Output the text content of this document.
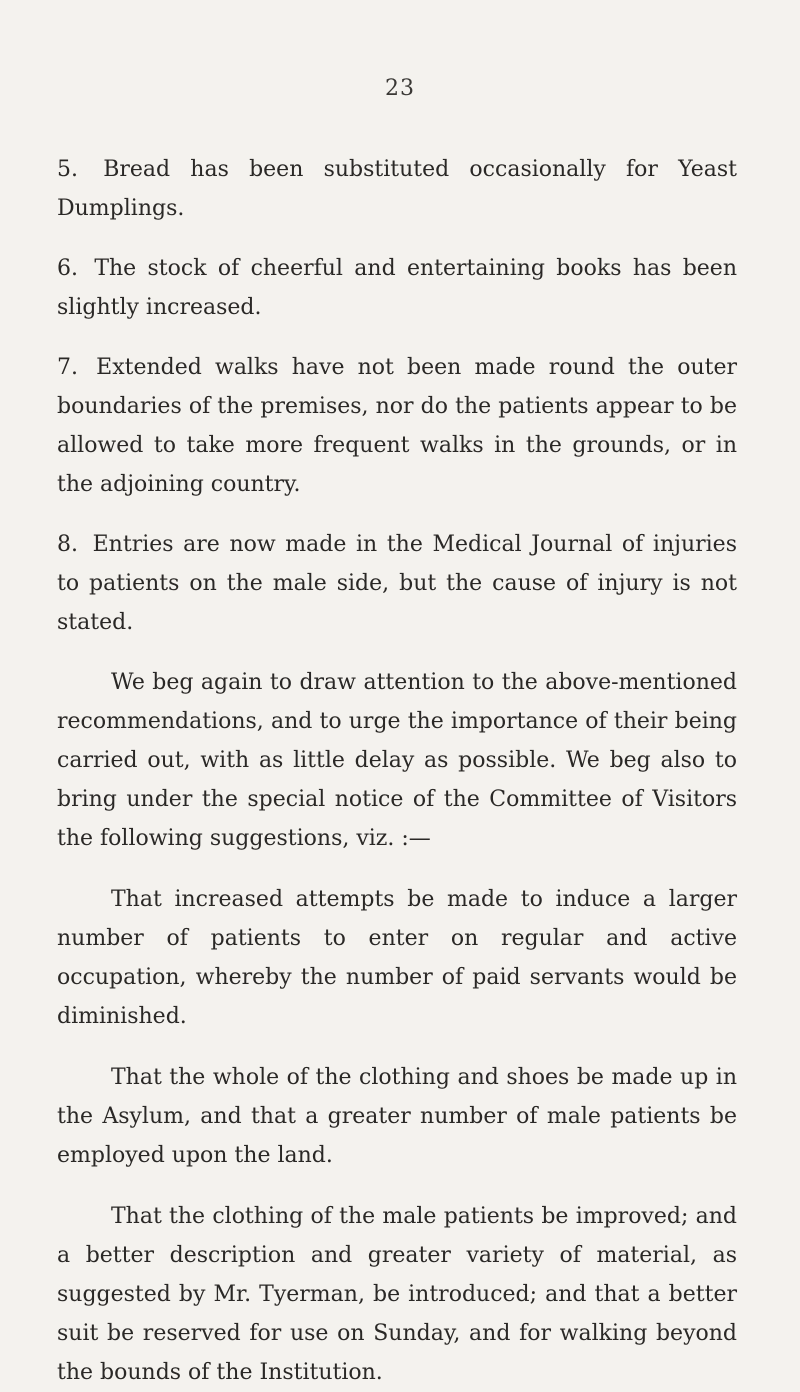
23

5. Bread has been substituted occasionally for Yeast Dumplings.

6. The stock of cheerful and entertaining books has been slightly increased.

7. Extended walks have not been made round the outer boundaries of the premises, nor do the patients appear to be allowed to take more frequent walks in the grounds, or in the adjoining country.

8. Entries are now made in the Medical Journal of injuries to patients on the male side, but the cause of injury is not stated.

We beg again to draw attention to the above-mentioned recommendations, and to urge the importance of their being carried out, with as little delay as possible. We beg also to bring under the special notice of the Committee of Visitors the following suggestions, viz. :—

That increased attempts be made to induce a larger number of patients to enter on regular and active occupation, whereby the number of paid servants would be diminished.

That the whole of the clothing and shoes be made up in the Asylum, and that a greater number of male patients be employed upon the land.

That the clothing of the male patients be improved; and a better description and greater variety of material, as suggested by Mr. Tyerman, be introduced; and that a better suit be reserved for use on Sunday, and for walking beyond the bounds of the Institution.
